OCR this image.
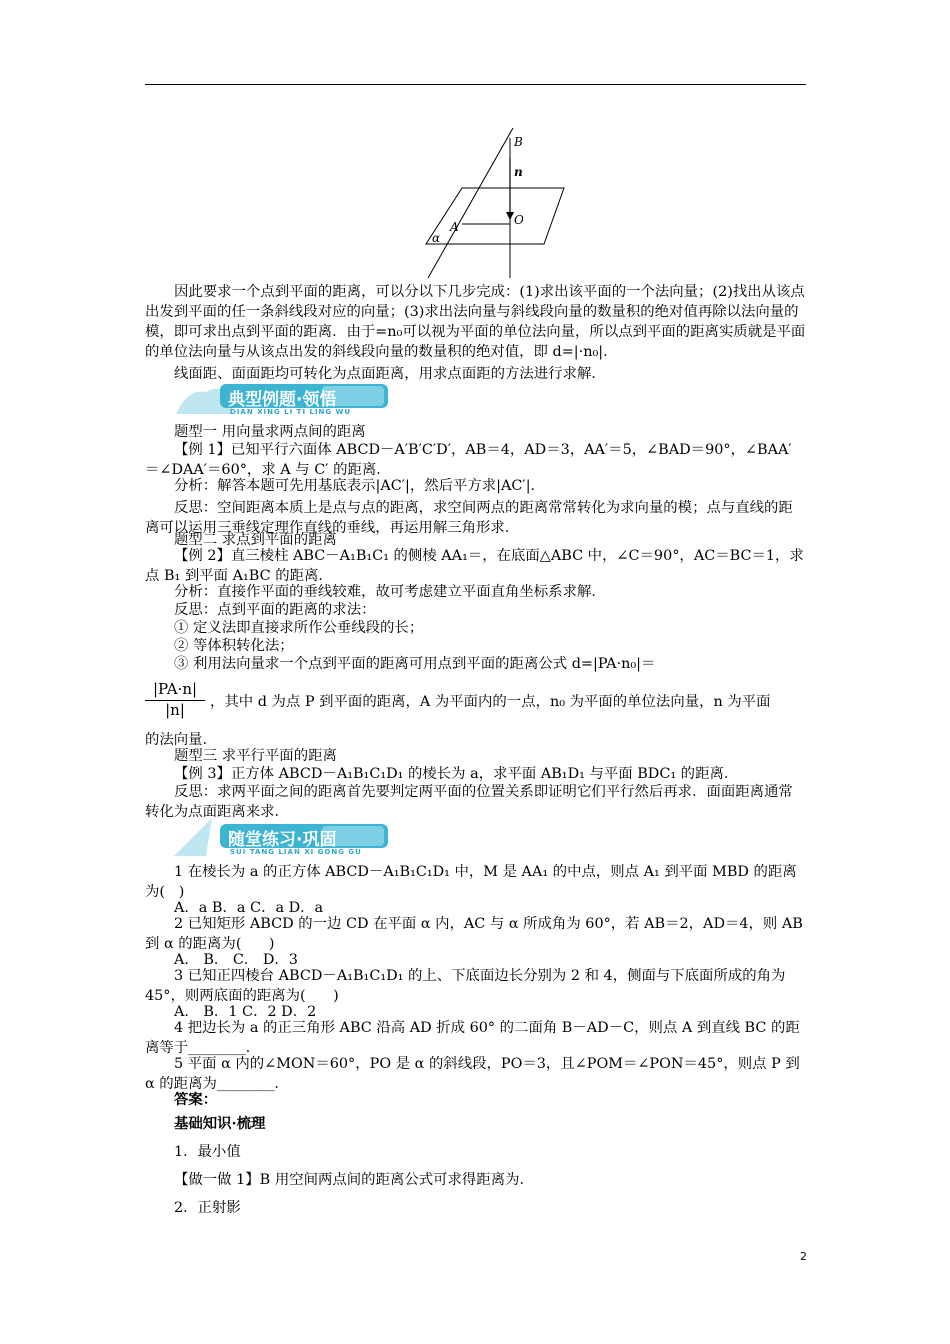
B
n
O
A
α
因此要求一个点到平面的距离，可以分以下几步完成：(1)求出该平面的一个法向量；(2)找出从该点出发到平面的任一条斜线段对应的向量；(3)求出法向量与斜线段向量的数量积的绝对值再除以法向量的模，即可求出点到平面的距离．由于=n₀可以视为平面的单位法向量，所以点到平面的距离实质就是平面的单位法向量与从该点出发的斜线段向量的数量积的绝对值，即 d=|·n₀|．
线面距、面面距均可转化为点面距离，用求点面距的方法进行求解．
典型例题·领悟
DIAN XING LI TI LING WU
题型一 用向量求两点间的距离
【例 1】已知平行六面体 ABCD－A′B′C′D′，AB＝4，AD＝3，AA′＝5，∠BAD＝90°，∠BAA′＝∠DAA′＝60°，求 A 与 C′ 的距离．
分析：解答本题可先用基底表示|AC′|，然后平方求|AC′|．
反思：空间距离本质上是点与点的距离，求空间两点的距离常常转化为求向量的模；点与直线的距离可以运用三垂线定理作直线的垂线，再运用解三角形求．
题型二 求点到平面的距离
【例 2】直三棱柱 ABC－A₁B₁C₁ 的侧棱 AA₁＝，在底面△ABC 中，∠C＝90°，AC＝BC＝1，求点 B₁ 到平面 A₁BC 的距离．
分析：直接作平面的垂线较难，故可考虑建立平面直角坐标系求解．
反思：点到平面的距离的求法：
① 定义法即直接求所作公垂线段的长；
② 等体积转化法；
③ 利用法向量求一个点到平面的距离可用点到平面的距离公式 d=|PA·n₀|＝
$\frac{|PA\cdot n|}{|n|}$ ，其中 d 为点 P 到平面的距离，A 为平面内的一点，n₀ 为平面的单位法向量，n 为平面
的法向量．
题型三 求平行平面的距离
【例 3】正方体 ABCD－A₁B₁C₁D₁ 的棱长为 a，求平面 AB₁D₁ 与平面 BDC₁ 的距离．
反思：求两平面之间的距离首先要判定两平面的位置关系即证明它们平行然后再求．面面距离通常转化为点面距离来求．
随堂练习·巩固
SUI TANG LIAN XI GONG GU
1 在棱长为 a 的正方体 ABCD－A₁B₁C₁D₁ 中，M 是 AA₁ 的中点，则点 A₁ 到平面 MBD 的距离为(   )
A．a B．a C．a D．a
2 已知矩形 ABCD 的一边 CD 在平面 α 内，AC 与 α 所成角为 60°，若 AB＝2，AD＝4，则 AB 到 α 的距离为(      )
A． B． C． D．3
3 已知正四棱台 ABCD－A₁B₁C₁D₁ 的上、下底面边长分别为 2 和 4，侧面与下底面所成的角为 45°，则两底面的距离为(      )
A． B．1 C．2 D．2
4 把边长为 a 的正三角形 ABC 沿高 AD 折成 60° 的二面角 B－AD－C，则点 A 到直线 BC 的距离等于________．
5 平面 α 内的∠MON＝60°，PO 是 α 的斜线段，PO＝3，且∠POM＝∠PON＝45°，则点 P 到 α 的距离为________．
答案：
基础知识·梳理
1．最小值
【做一做 1】B 用空间两点间的距离公式可求得距离为．
2．正射影
2
